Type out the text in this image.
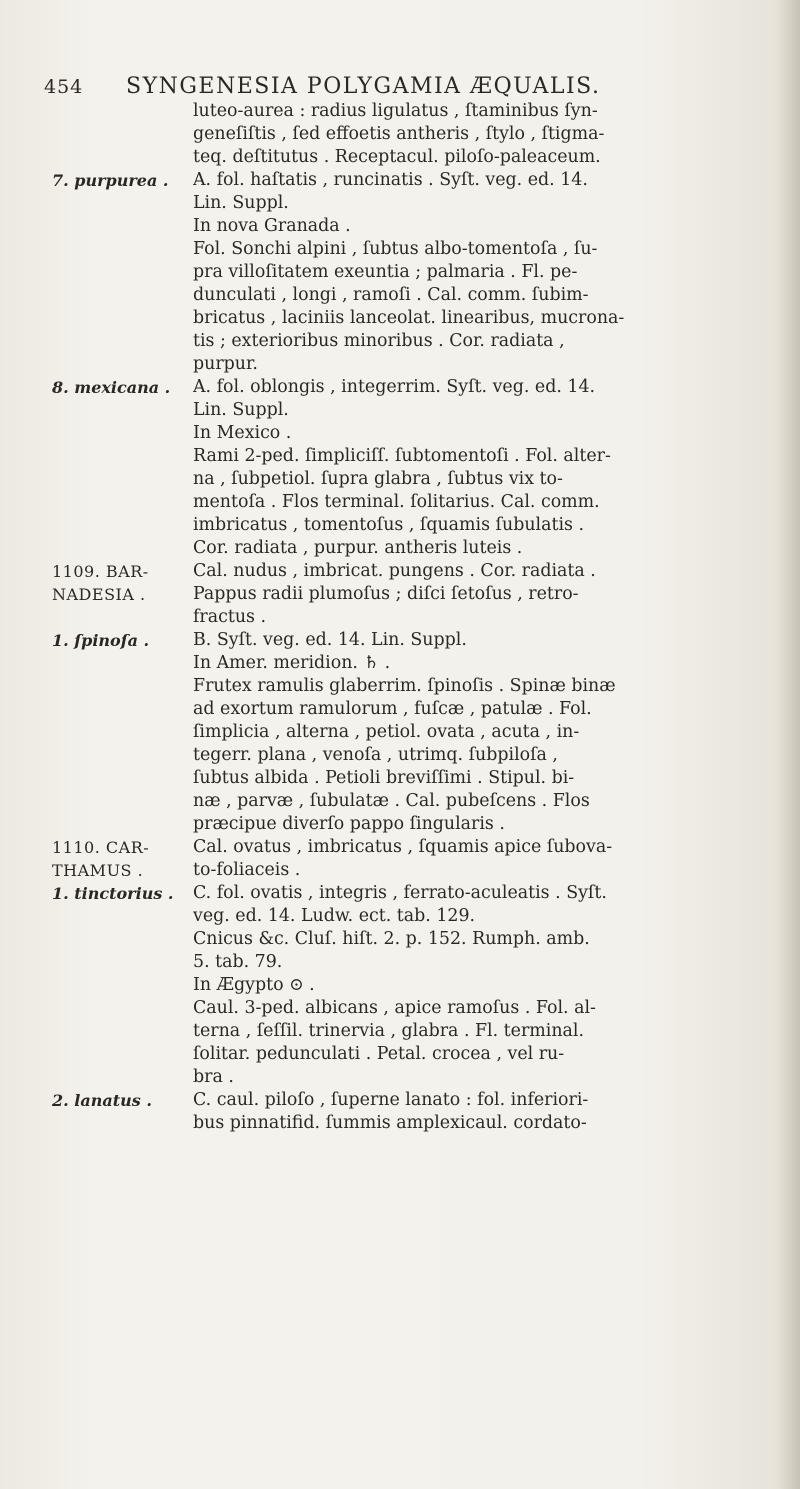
454 SYNGENESIA POLYGAMIA ÆQUALIS.
luteo-aurea : radius ligulatus , ſtaminibus ſyn-
geneſiſtis , ſed effoetis antheris , ſtylo , ſtigma-
teq. deſtitutus . Receptacul. piloſo-paleaceum.
7. purpurea .	A. fol. haſtatis , runcinatis . Syſt. veg. ed. 14.
Lin. Suppl.
In nova Granada .
Fol. Sonchi alpini , ſubtus albo-tomentoſa , ſu-
pra villoſitatem exeuntia ; palmaria . Fl. pe-
dunculati , longi , ramoſi . Cal. comm. ſubim-
bricatus , laciniis lanceolat. linearibus, mucrona-
tis ; exterioribus minoribus . Cor. radiata ,
purpur.
8. mexicana .	A. fol. oblongis , integerrim. Syſt. veg. ed. 14.
Lin. Suppl.
In Mexico .
Rami 2-ped. ſimpliciſſ. ſubtomentoſi . Fol. alter-
na , ſubpetiol. ſupra glabra , ſubtus vix to-
mentoſa . Flos terminal. ſolitarius. Cal. comm.
imbricatus , tomentoſus , ſquamis ſubulatis .
Cor. radiata , purpur. antheris luteis .
1109. BAR-	Cal. nudus , imbricat. pungens . Cor. radiata .
NADESIA .	Pappus radii plumoſus ; diſci ſetoſus , retro-
fractus .
1. ſpinoſa .	B. Syſt. veg. ed. 14. Lin. Suppl.
In Amer. meridion. ♄ .
Frutex ramulis glaberrim. ſpinoſis . Spinæ binæ
ad exortum ramulorum , fuſcæ , patulæ . Fol.
ſimplicia , alterna , petiol. ovata , acuta , in-
tegerr. plana , venoſa , utrimq. ſubpiloſa ,
ſubtus albida . Petioli breviſſimi . Stipul. bi-
næ , parvæ , ſubulatæ . Cal. pubeſcens . Flos
præcipue diverſo pappo ſingularis .
1110. CAR-	Cal. ovatus , imbricatus , ſquamis apice ſubova-
THAMUS .	to-foliaceis .
1. tinctorius .	C. fol. ovatis , integris , ferrato-aculeatis . Syſt.
veg. ed. 14. Ludw. ect. tab. 129.
Cnicus &c. Cluſ. hiſt. 2. p. 152. Rumph. amb.
5. tab. 79.
In Ægypto ⊙ .
Caul. 3-ped. albicans , apice ramoſus . Fol. al-
terna , ſeſſil. trinervia , glabra . Fl. terminal.
ſolitar. pedunculati . Petal. crocea , vel ru-
bra .
2. lanatus .	C. caul. piloſo , ſuperne lanato : fol. inferiori-
bus pinnatifid. ſummis amplexicaul. cordato-
